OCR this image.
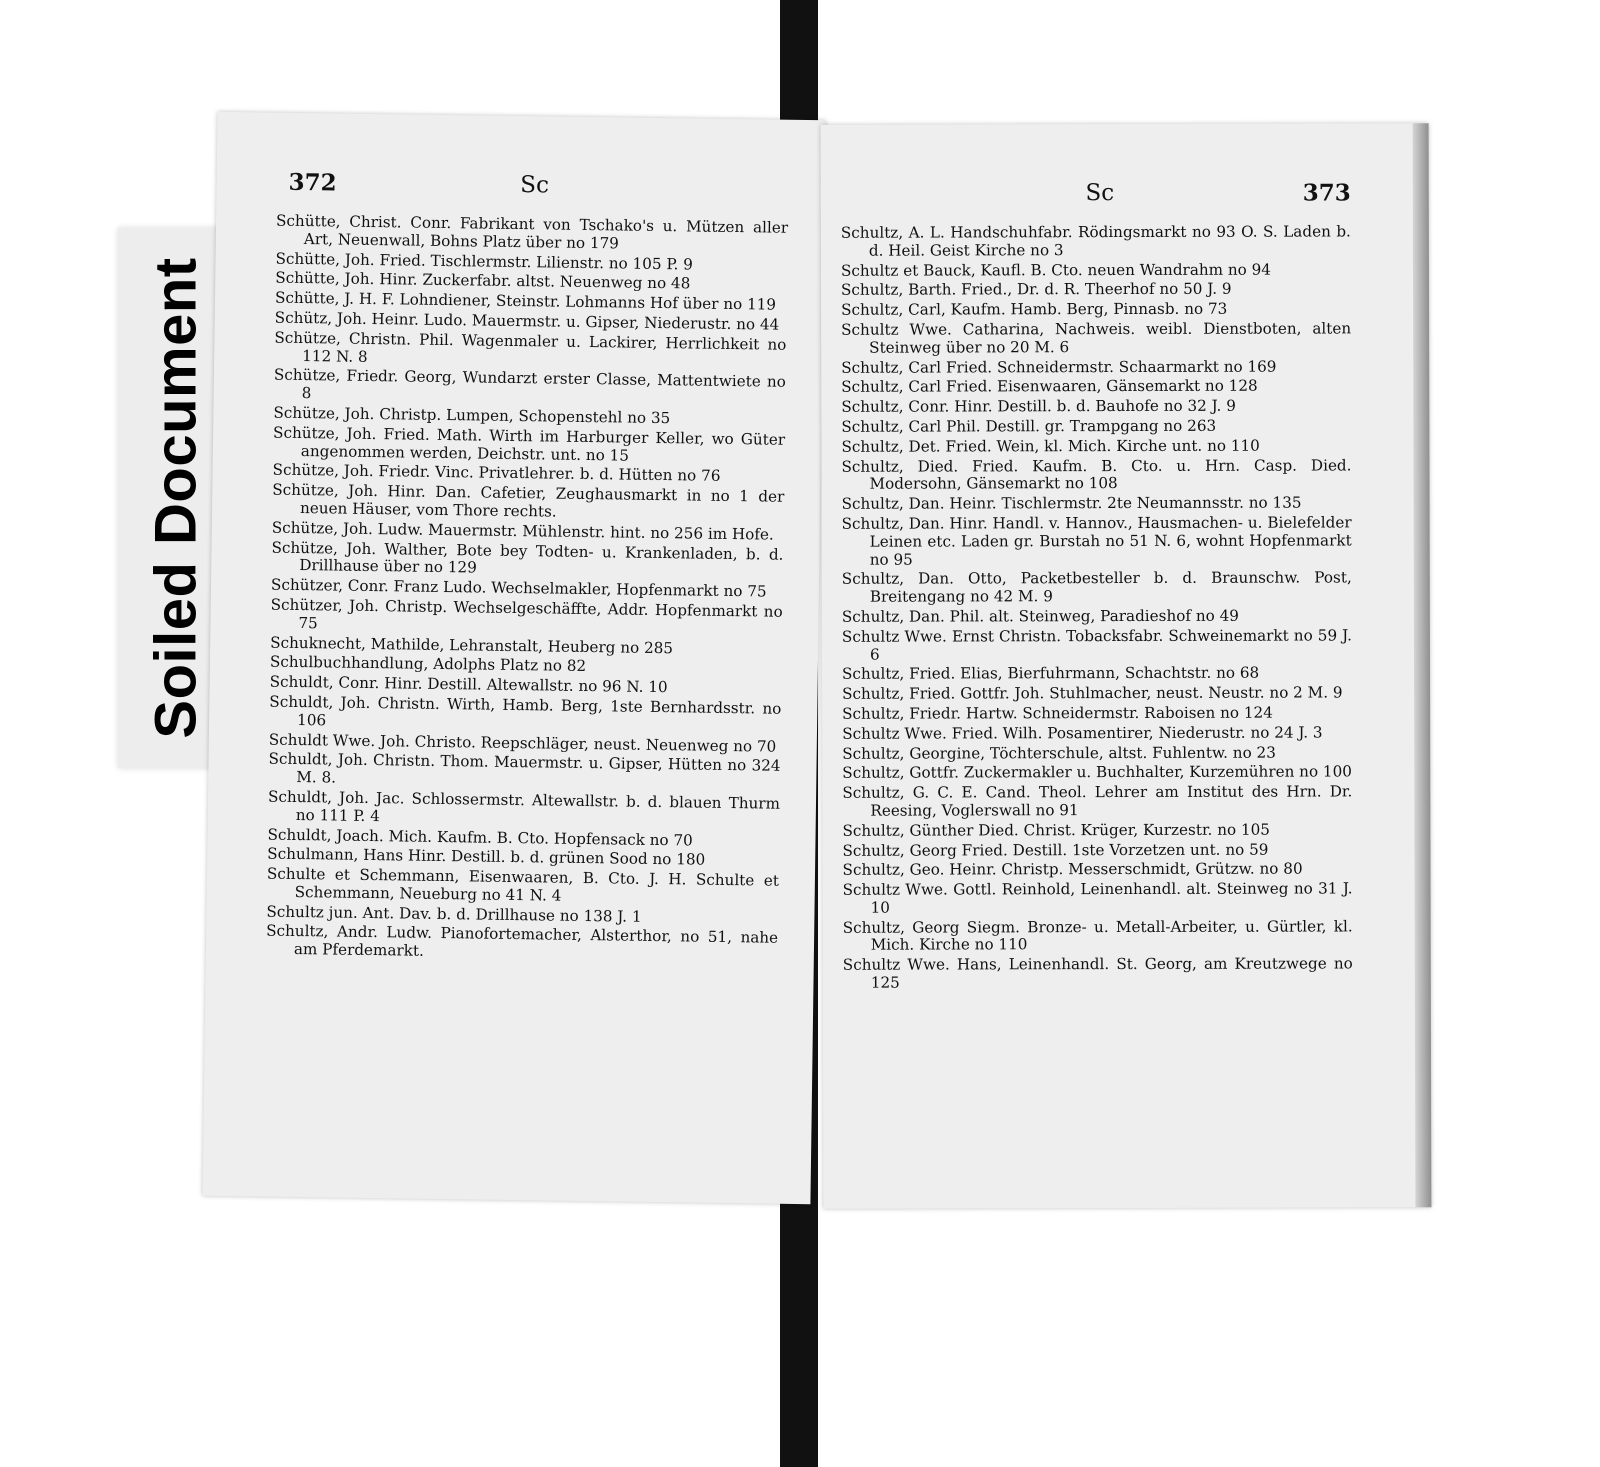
Soiled Document
372	Sc

Schütte, Christ. Conr. Fabrikant von Tschako's u. Mützen aller Art, Neuenwall, Bohns Platz über no 179

Schütte, Joh. Fried. Tischlermstr. Lilienstr. no 105 P. 9

Schütte, Joh. Hinr. Zuckerfabr. altst. Neuenweg no 48

Schütte, J. H. F. Lohndiener, Steinstr. Lohmanns Hof über no 119

Schütz, Joh. Heinr. Ludo. Mauermstr. u. Gipser, Niederustr. no 44

Schütze, Christn. Phil. Wagenmaler u. Lackirer, Herrlichkeit no 112 N. 8

Schütze, Friedr. Georg, Wundarzt erster Classe, Mattentwiete no 8

Schütze, Joh. Christp. Lumpen, Schopenstehl no 35

Schütze, Joh. Fried. Math. Wirth im Harburger Keller, wo Güter angenommen werden, Deichstr. unt. no 15

Schütze, Joh. Friedr. Vinc. Privatlehrer. b. d. Hütten no 76

Schütze, Joh. Hinr. Dan. Cafetier, Zeughausmarkt in no 1 der neuen Häuser, vom Thore rechts.

Schütze, Joh. Ludw. Mauermstr. Mühlenstr. hint. no 256 im Hofe.

Schütze, Joh. Walther, Bote bey Todten- u. Krankenladen, b. d. Drillhause über no 129

Schützer, Conr. Franz Ludo. Wechselmakler, Hopfenmarkt no 75

Schützer, Joh. Christp. Wechselgeschäffte, Addr. Hopfenmarkt no 75

Schuknecht, Mathilde, Lehranstalt, Heuberg no 285

Schulbuchhandlung, Adolphs Platz no 82

Schuldt, Conr. Hinr. Destill. Altewallstr. no 96 N. 10

Schuldt, Joh. Christn. Wirth, Hamb. Berg, 1ste Bernhardsstr. no 106

Schuldt Wwe. Joh. Christo. Reepschläger, neust. Neuenweg no 70

Schuldt, Joh. Christn. Thom. Mauermstr. u. Gipser, Hütten no 324 M. 8.

Schuldt, Joh. Jac. Schlossermstr. Altewallstr. b. d. blauen Thurm no 111 P. 4

Schuldt, Joach. Mich. Kaufm. B. Cto. Hopfensack no 70

Schulmann, Hans Hinr. Destill. b. d. grünen Sood no 180

Schulte et Schemmann, Eisenwaaren, B. Cto. J. H. Schulte et Schemmann, Neueburg no 41 N. 4

Schultz jun. Ant. Dav. b. d. Drillhause no 138 J. 1

Schultz, Andr. Ludw. Pianofortemacher, Alsterthor, no 51, nahe am Pferdemarkt.

Sc	373

Schultz, A. L. Handschuhfabr. Rödingsmarkt no 93 O. S. Laden b. d. Heil. Geist Kirche no 3

Schultz et Bauck, Kaufl. B. Cto. neuen Wandrahm no 94

Schultz, Barth. Fried., Dr. d. R. Theerhof no 50 J. 9

Schultz, Carl, Kaufm. Hamb. Berg, Pinnasb. no 73

Schultz Wwe. Catharina, Nachweis. weibl. Dienstboten, alten Steinweg über no 20 M. 6

Schultz, Carl Fried. Schneidermstr. Schaarmarkt no 169

Schultz, Carl Fried. Eisenwaaren, Gänsemarkt no 128

Schultz, Conr. Hinr. Destill. b. d. Bauhofe no 32 J. 9

Schultz, Carl Phil. Destill. gr. Trampgang no 263

Schultz, Det. Fried. Wein, kl. Mich. Kirche unt. no 110

Schultz, Died. Fried. Kaufm. B. Cto. u. Hrn. Casp. Died. Modersohn, Gänsemarkt no 108

Schultz, Dan. Heinr. Tischlermstr. 2te Neumannsstr. no 135

Schultz, Dan. Hinr. Handl. v. Hannov., Hausmachen- u. Bielefelder Leinen etc. Laden gr. Burstah no 51 N. 6, wohnt Hopfenmarkt no 95

Schultz, Dan. Otto, Packetbesteller b. d. Braunschw. Post, Breitengang no 42 M. 9

Schultz, Dan. Phil. alt. Steinweg, Paradieshof no 49

Schultz Wwe. Ernst Christn. Tobacksfabr. Schweinemarkt no 59 J. 6

Schultz, Fried. Elias, Bierfuhrmann, Schachtstr. no 68

Schultz, Fried. Gottfr. Joh. Stuhlmacher, neust. Neustr. no 2 M. 9

Schultz, Friedr. Hartw. Schneidermstr. Raboisen no 124

Schultz Wwe. Fried. Wilh. Posamentirer, Niederustr. no 24 J. 3

Schultz, Georgine, Töchterschule, altst. Fuhlentw. no 23

Schultz, Gottfr. Zuckermakler u. Buchhalter, Kurzemühren no 100

Schultz, G. C. E. Cand. Theol. Lehrer am Institut des Hrn. Dr. Reesing, Voglerswall no 91

Schultz, Günther Died. Christ. Krüger, Kurzestr. no 105

Schultz, Georg Fried. Destill. 1ste Vorzetzen unt. no 59

Schultz, Geo. Heinr. Christp. Messerschmidt, Grützw. no 80

Schultz Wwe. Gottl. Reinhold, Leinenhandl. alt. Steinweg no 31 J. 10

Schultz, Georg Siegm. Bronze- u. Metall-Arbeiter, u. Gürtler, kl. Mich. Kirche no 110

Schultz Wwe. Hans, Leinenhandl. St. Georg, am Kreutzwege no 125
